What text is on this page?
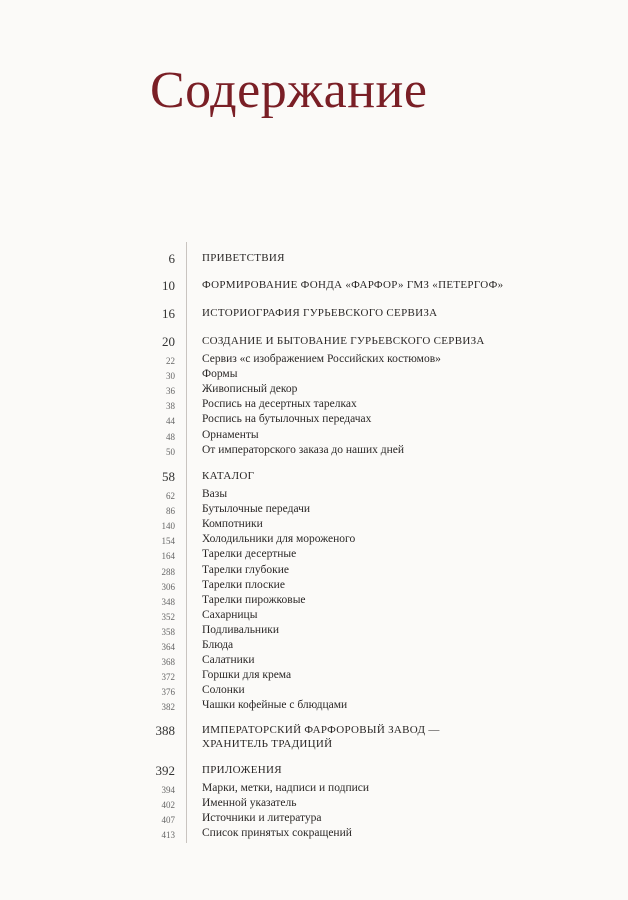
Содержание
6 ПРИВЕТСТВИЯ
10 ФОРМИРОВАНИЕ ФОНДА «ФАРФОР» ГМЗ «ПЕТЕРГОФ»
16 ИСТОРИОГРАФИЯ ГУРЬЕВСКОГО СЕРВИЗА
20 СОЗДАНИЕ И БЫТОВАНИЕ ГУРЬЕВСКОГО СЕРВИЗА
22 Сервиз «с изображением Российских костюмов»
30 Формы
36 Живописный декор
38 Роспись на десертных тарелках
44 Роспись на бутылочных передачах
48 Орнаменты
50 От императорского заказа до наших дней
58 КАТАЛОГ
62 Вазы
86 Бутылочные передачи
140 Компотники
154 Холодильники для мороженого
164 Тарелки десертные
288 Тарелки глубокие
306 Тарелки плоские
348 Тарелки пирожковые
352 Сахарницы
358 Подливальники
364 Блюда
368 Салатники
372 Горшки для крема
376 Солонки
382 Чашки кофейные с блюдцами
388 ИМПЕРАТОРСКИЙ ФАРФОРОВЫЙ ЗАВОД —
ХРАНИТЕЛЬ ТРАДИЦИЙ
392 ПРИЛОЖЕНИЯ
394 Марки, метки, надписи и подписи
402 Именной указатель
407 Источники и литература
413 Список принятых сокращений
